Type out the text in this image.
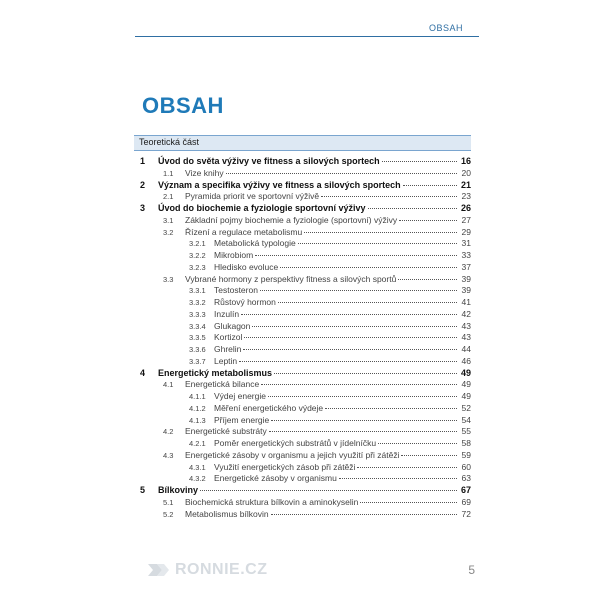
OBSAH
OBSAH
Teoretická část
1 Úvod do světa výživy ve fitness a silových sportech	16
1.1 Vize knihy	20
2 Význam a specifika výživy ve fitness a silových sportech	21
2.1 Pyramida priorit ve sportovní výživě	23
3 Úvod do biochemie a fyziologie sportovní výživy	26
3.1 Základní pojmy biochemie a fyziologie (sportovní) výživy	27
3.2 Řízení a regulace metabolismu	29
3.2.1 Metabolická typologie	31
3.2.2 Mikrobiom	33
3.2.3 Hledisko evoluce	37
3.3 Vybrané hormony z perspektivy fitness a silových sportů	39
3.3.1 Testosteron	39
3.3.2 Růstový hormon	41
3.3.3 Inzulín	42
3.3.4 Glukagon	43
3.3.5 Kortizol	43
3.3.6 Ghrelin	44
3.3.7 Leptin	46
4 Energetický metabolismus	49
4.1 Energetická bilance	49
4.1.1 Výdej energie	49
4.1.2 Měření energetického výdeje	52
4.1.3 Příjem energie	54
4.2 Energetické substráty	55
4.2.1 Poměr energetických substrátů v jídelníčku	58
4.3 Energetické zásoby v organismu a jejich využití při zátěži	59
4.3.1 Využití energetických zásob při zátěži	60
4.3.2 Energetické zásoby v organismu	63
5 Bílkoviny	67
5.1 Biochemická struktura bílkovin a aminokyselin	69
5.2 Metabolismus bílkovin	72
RONNIE.CZ	5
